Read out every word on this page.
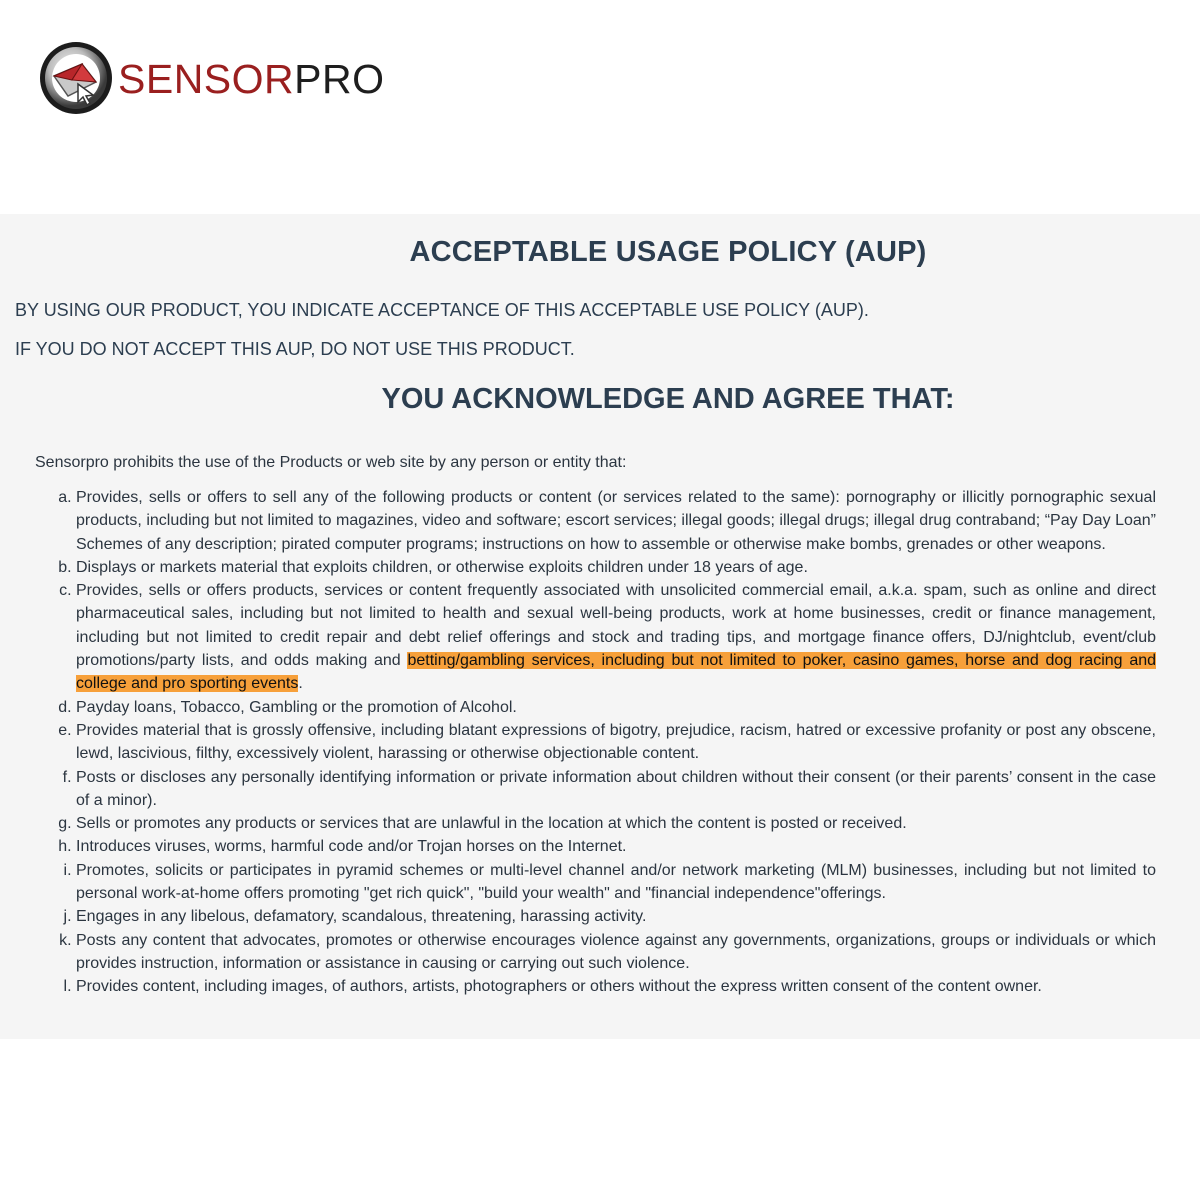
SENSORPRO
ACCEPTABLE USAGE POLICY (AUP)

BY USING OUR PRODUCT, YOU INDICATE ACCEPTANCE OF THIS ACCEPTABLE USE POLICY (AUP).

IF YOU DO NOT ACCEPT THIS AUP, DO NOT USE THIS PRODUCT.

YOU ACKNOWLEDGE AND AGREE THAT:

Sensorpro prohibits the use of the Products or web site by any person or entity that:

a. Provides, sells or offers to sell any of the following products or content (or services related to the same): pornography or illicitly pornographic sexual products, including but not limited to magazines, video and software; escort services; illegal goods; illegal drugs; illegal drug contraband; “Pay Day Loan” Schemes of any description; pirated computer programs; instructions on how to assemble or otherwise make bombs, grenades or other weapons.
b. Displays or markets material that exploits children, or otherwise exploits children under 18 years of age.
c. Provides, sells or offers products, services or content frequently associated with unsolicited commercial email, a.k.a. spam, such as online and direct pharmaceutical sales, including but not limited to health and sexual well-being products, work at home businesses, credit or finance management, including but not limited to credit repair and debt relief offerings and stock and trading tips, and mortgage finance offers, DJ/nightclub, event/club promotions/party lists, and odds making and betting/gambling services, including but not limited to poker, casino games, horse and dog racing and college and pro sporting events.
d. Payday loans, Tobacco, Gambling or the promotion of Alcohol.
e. Provides material that is grossly offensive, including blatant expressions of bigotry, prejudice, racism, hatred or excessive profanity or post any obscene, lewd, lascivious, filthy, excessively violent, harassing or otherwise objectionable content.
f. Posts or discloses any personally identifying information or private information about children without their consent (or their parents’ consent in the case of a minor).
g. Sells or promotes any products or services that are unlawful in the location at which the content is posted or received.
h. Introduces viruses, worms, harmful code and/or Trojan horses on the Internet.
i. Promotes, solicits or participates in pyramid schemes or multi-level channel and/or network marketing (MLM) businesses, including but not limited to personal work-at-home offers promoting "get rich quick", "build your wealth" and "financial independence"offerings.
j. Engages in any libelous, defamatory, scandalous, threatening, harassing activity.
k. Posts any content that advocates, promotes or otherwise encourages violence against any governments, organizations, groups or individuals or which provides instruction, information or assistance in causing or carrying out such violence.
l. Provides content, including images, of authors, artists, photographers or others without the express written consent of the content owner.
